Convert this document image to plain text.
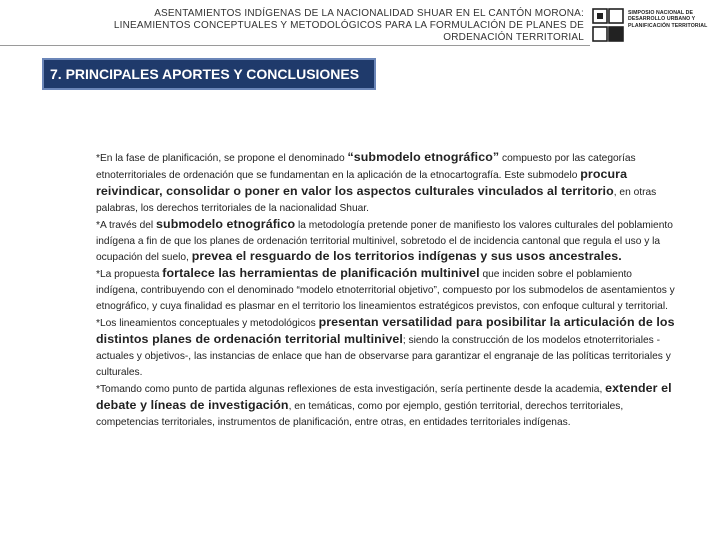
ASENTAMIENTOS INDÍGENAS DE LA NACIONALIDAD SHUAR EN EL CANTÓN MORONA:
LINEAMIENTOS CONCEPTUALES Y METODOLÓGICOS PARA LA FORMULACIÓN DE PLANES DE
ORDENACIÓN TERRITORIAL
SIMPOSIO NACIONAL DE
DESARROLLO URBANO Y
PLANIFICACIÓN TERRITORIAL
7. PRINCIPALES APORTES Y CONCLUSIONES

*En la fase de planificación, se propone el denominado “submodelo etnográfico” compuesto por las categorías etnoterritoriales de ordenación que se fundamentan en la aplicación de la etnocartografía. Este submodelo procura reivindicar, consolidar o poner en valor los aspectos culturales vinculados al territorio, en otras palabras, los derechos territoriales de la nacionalidad Shuar.

*A través del submodelo etnográfico la metodología pretende poner de manifiesto los valores culturales del poblamiento indígena a fin de que los planes de ordenación territorial multinivel, sobretodo el de incidencia cantonal que regula el uso y la ocupación del suelo, prevea el resguardo de los territorios indígenas y sus usos ancestrales.

*La propuesta fortalece las herramientas de planificación multinivel que inciden sobre el poblamiento indígena, contribuyendo con el denominado “modelo etnoterritorial objetivo”, compuesto por los submodelos de asentamientos y etnográfico, y cuya finalidad es plasmar en el territorio los lineamientos estratégicos previstos, con enfoque cultural y territorial.

*Los lineamientos conceptuales y metodológicos presentan versatilidad para posibilitar la articulación de los distintos planes de ordenación territorial multinivel; siendo la construcción de los modelos etnoterritoriales -actuales y objetivos-, las instancias de enlace que han de observarse para garantizar el engranaje de las políticas territoriales y culturales.

*Tomando como punto de partida algunas reflexiones de esta investigación, sería pertinente desde la academia, extender el debate y líneas de investigación, en temáticas, como por ejemplo, gestión territorial, derechos territoriales, competencias territoriales, instrumentos de planificación, entre otras, en entidades territoriales indígenas.
